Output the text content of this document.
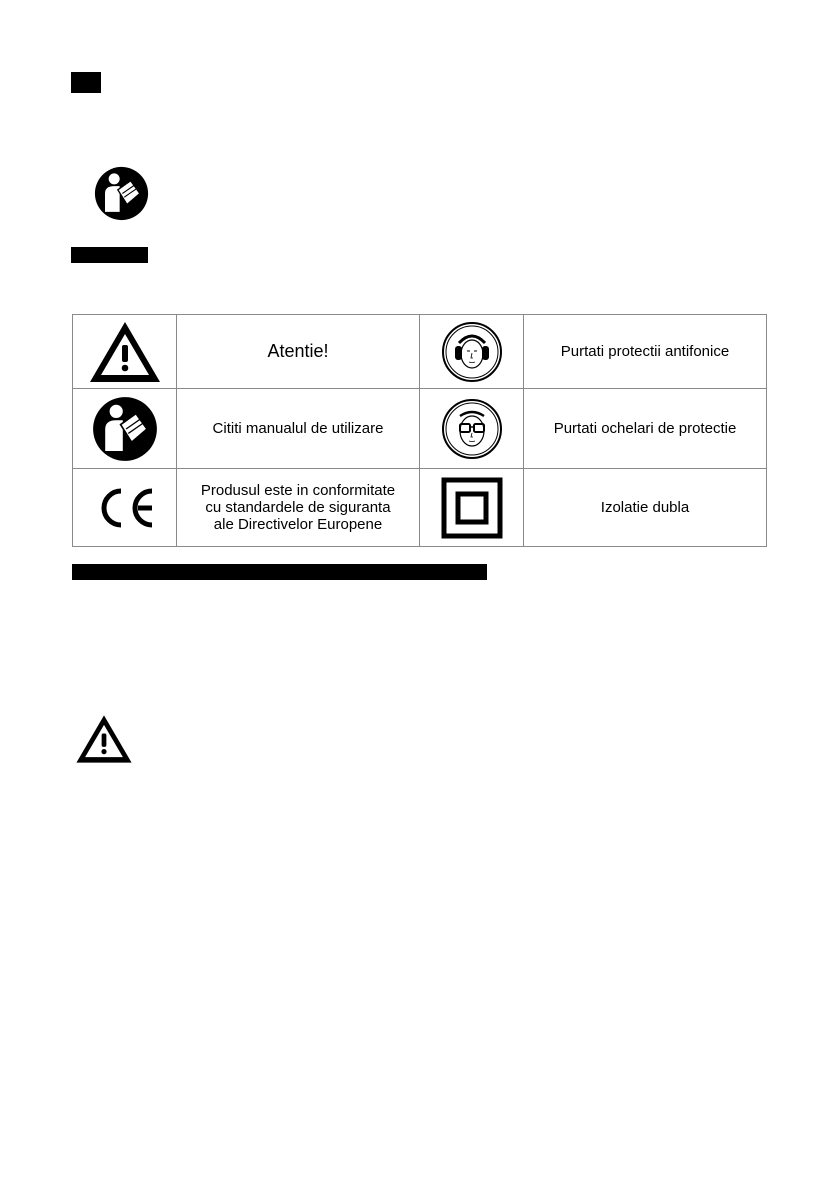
	Atentie!		Purtati protectii antifonice

	Cititi manualul de utilizare		Purtati ochelari de protectie

	Produsul este in conformitate
cu standardele de siguranta
ale Directivelor Europene		Izolatie dubla
